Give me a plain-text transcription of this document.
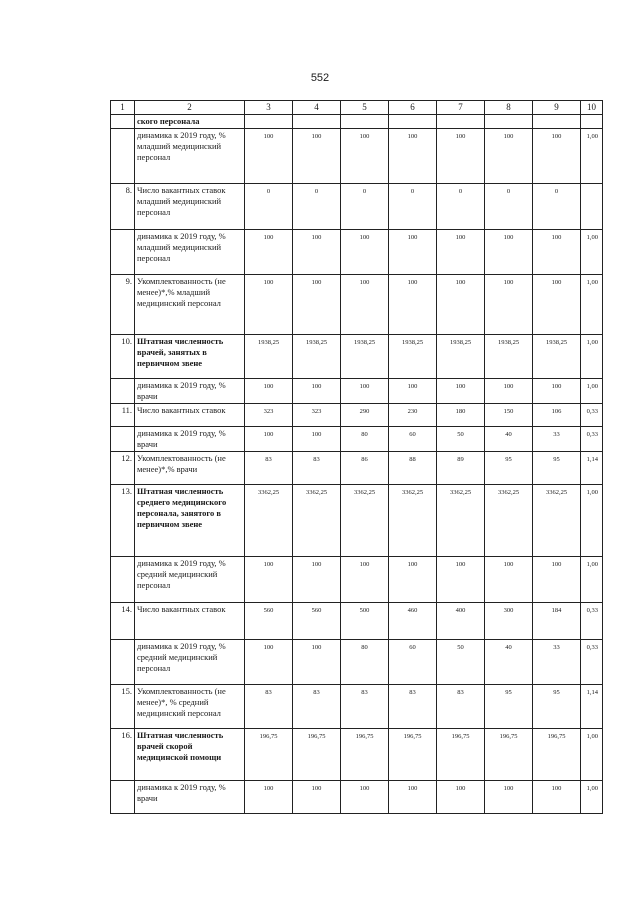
552
1	2	3	4	5	6	7	8	9	10
	ского персонала								
	динамика к 2019 году, % младший медицинский персонал	100	100	100	100	100	100	100	1,00
8.	Число вакантных ставок младший медицинский персонал	0	0	0	0	0	0	0	
	динамика к 2019 году, % младший медицинский персонал	100	100	100	100	100	100	100	1,00
9.	Укомплектованность (не менее)*,% младший медицинский персонал	100	100	100	100	100	100	100	1,00
10.	Штатная численность врачей, занятых в первичном звене	1938,25	1938,25	1938,25	1938,25	1938,25	1938,25	1938,25	1,00
	динамика к 2019 году, % врачи	100	100	100	100	100	100	100	1,00
11.	Число вакантных ставок	323	323	290	230	180	150	106	0,33
	динамика к 2019 году, % врачи	100	100	80	60	50	40	33	0,33
12.	Укомплектованность (не менее)*,% врачи	83	83	86	88	89	95	95	1,14
13.	Штатная численность среднего медицинского персонала, занятого в первичном звене	3362,25	3362,25	3362,25	3362,25	3362,25	3362,25	3362,25	1,00
	динамика к 2019 году, % средний медицинский персонал	100	100	100	100	100	100	100	1,00
14.	Число вакантных ставок	560	560	500	460	400	300	184	0,33
	динамика к 2019 году, % средний медицинский персонал	100	100	80	60	50	40	33	0,33
15.	Укомплектованность (не менее)*, % средний медицинский персонал	83	83	83	83	83	95	95	1,14
16.	Штатная численность врачей скорой медицинской помощи	196,75	196,75	196,75	196,75	196,75	196,75	196,75	1,00
	динамика к 2019 году, % врачи	100	100	100	100	100	100	100	1,00
